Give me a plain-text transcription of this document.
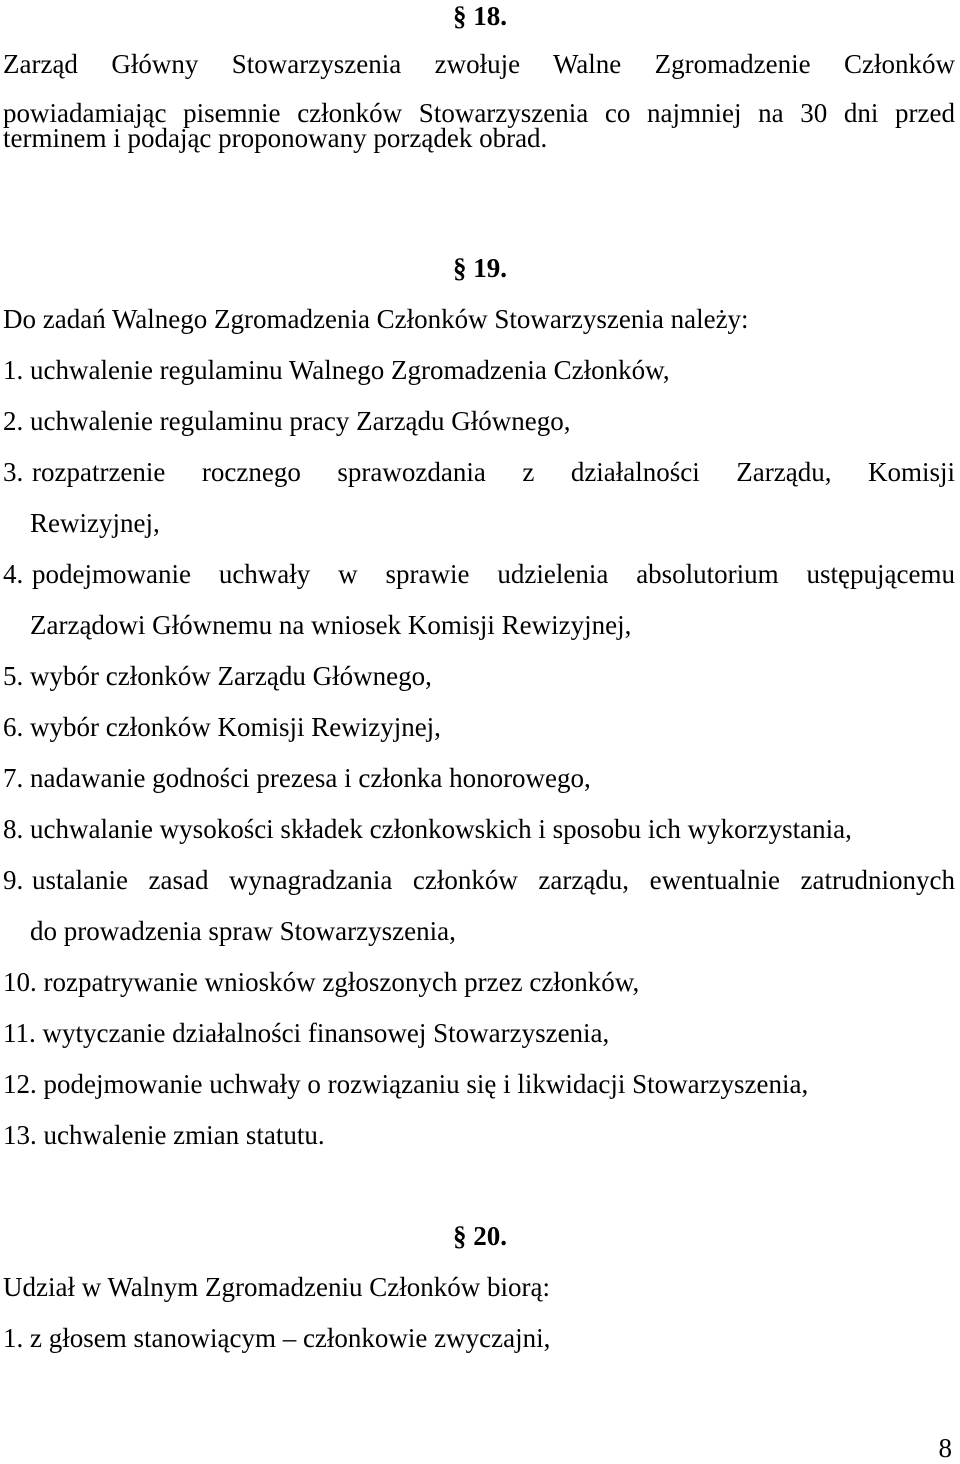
§ 18.
Zarząd Główny Stowarzyszenia zwołuje Walne Zgromadzenie Członków
powiadamiając pisemnie członków Stowarzyszenia co najmniej na 30 dni przed
terminem i podając proponowany porządek obrad.
§ 19.
Do zadań Walnego Zgromadzenia Członków Stowarzyszenia należy:
1. uchwalenie regulaminu Walnego Zgromadzenia Członków,
2. uchwalenie regulaminu pracy Zarządu Głównego,
3. rozpatrzenie rocznego sprawozdania z działalności Zarządu, Komisji
Rewizyjnej,
4. podejmowanie uchwały w sprawie udzielenia absolutorium ustępującemu
Zarządowi Głównemu na wniosek Komisji Rewizyjnej,
5. wybór członków Zarządu Głównego,
6. wybór członków Komisji Rewizyjnej,
7. nadawanie godności prezesa i członka honorowego,
8. uchwalanie wysokości składek członkowskich i sposobu ich wykorzystania,
9. ustalanie zasad wynagradzania członków zarządu, ewentualnie zatrudnionych
do prowadzenia spraw Stowarzyszenia,
10. rozpatrywanie wniosków zgłoszonych przez członków,
11. wytyczanie działalności finansowej Stowarzyszenia,
12. podejmowanie uchwały o rozwiązaniu się i likwidacji Stowarzyszenia,
13. uchwalenie zmian statutu.
§ 20.
Udział w Walnym Zgromadzeniu Członków biorą:
1. z głosem stanowiącym – członkowie zwyczajni,
8
